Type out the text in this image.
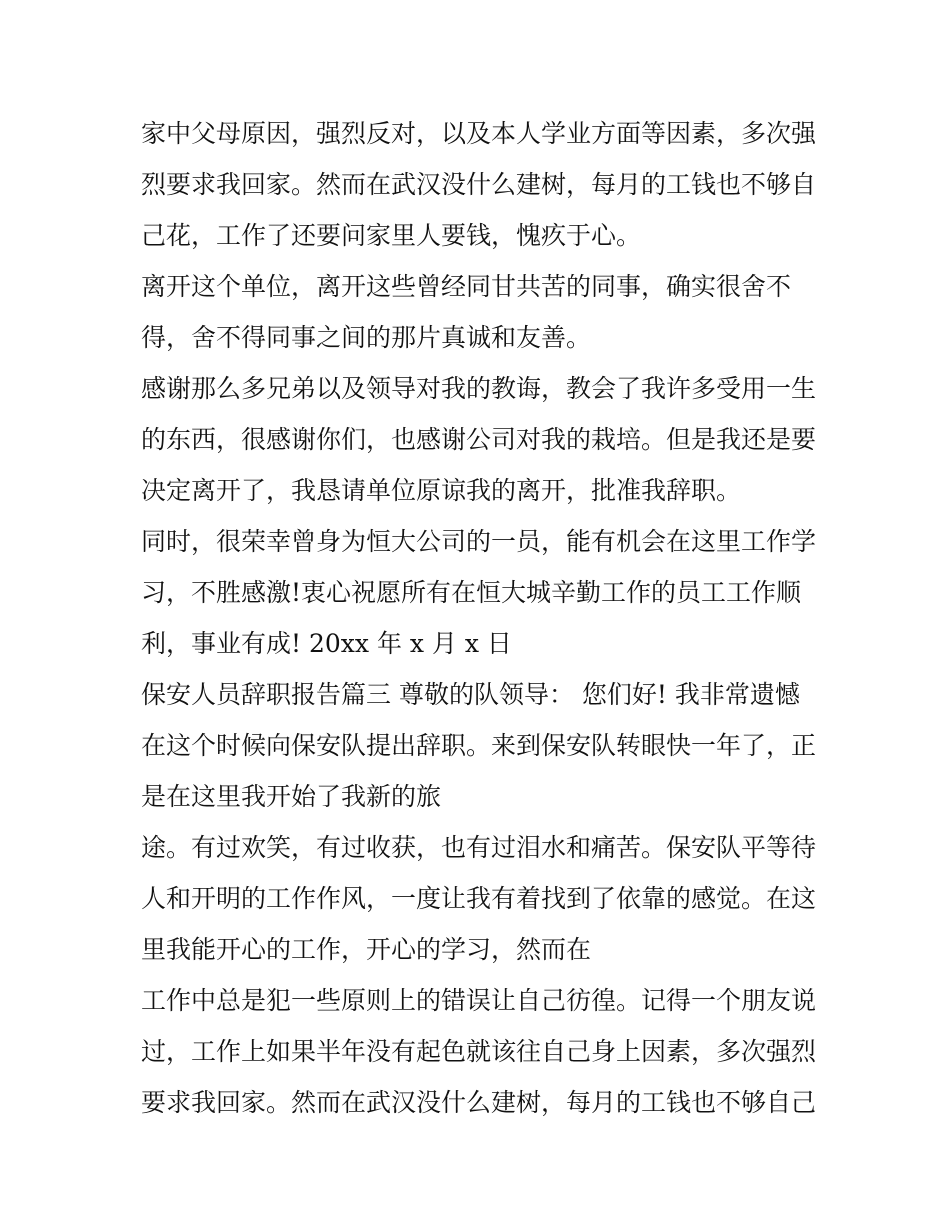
家中父母原因，强烈反对，以及本人学业方面等因素，多次强
烈要求我回家。然而在武汉没什么建树，每月的工钱也不够自
己花，工作了还要问家里人要钱，愧疚于心。
离开这个单位，离开这些曾经同甘共苦的同事，确实很舍不
得，舍不得同事之间的那片真诚和友善。
感谢那么多兄弟以及领导对我的教诲，教会了我许多受用一生
的东西，很感谢你们，也感谢公司对我的栽培。但是我还是要
决定离开了，我恳请单位原谅我的离开，批准我辞职。
同时，很荣幸曾身为恒大公司的一员，能有机会在这里工作学
习，不胜感激!衷心祝愿所有在恒大城辛勤工作的员工工作顺
利，事业有成! 20xx 年 x 月 x 日
保安人员辞职报告篇三 尊敬的队领导： 您们好! 我非常遗憾
在这个时候向保安队提出辞职。来到保安队转眼快一年了，正
是在这里我开始了我新的旅
途。有过欢笑，有过收获，也有过泪水和痛苦。保安队平等待
人和开明的工作作风，一度让我有着找到了依靠的感觉。在这
里我能开心的工作，开心的学习，然而在
工作中总是犯一些原则上的错误让自己彷徨。记得一个朋友说
过，工作上如果半年没有起色就该往自己身上因素，多次强烈
要求我回家。然而在武汉没什么建树，每月的工钱也不够自己
